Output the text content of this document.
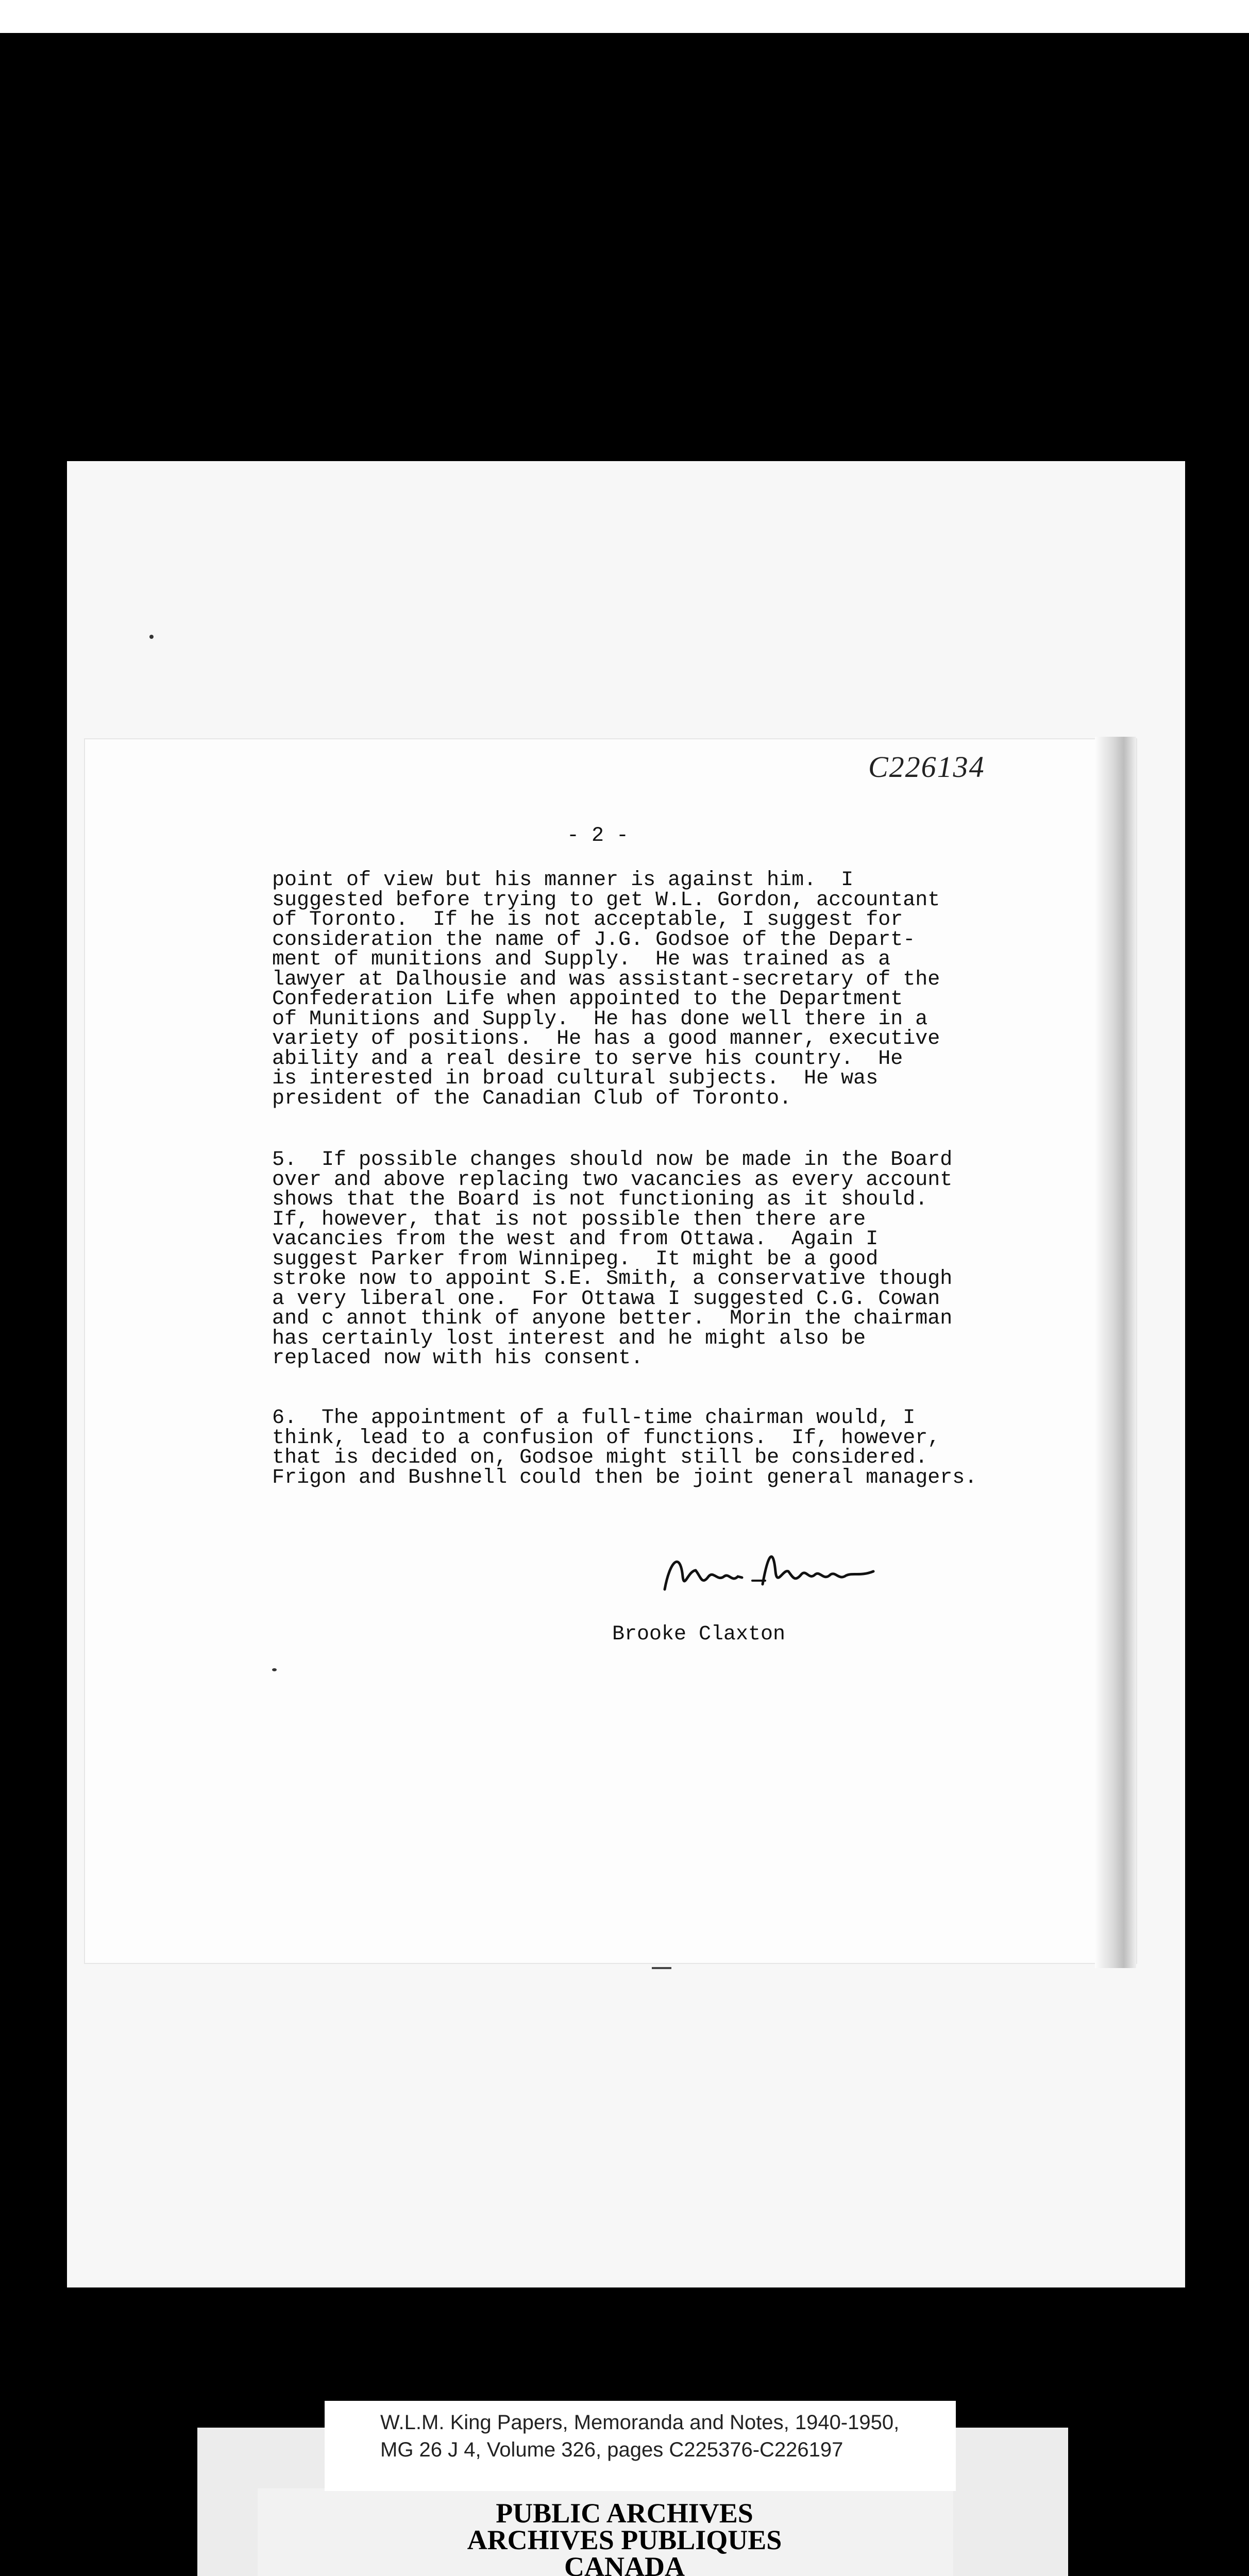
C226134
- 2 -
point of view but his manner is against him.  I
suggested before trying to get W.L. Gordon, accountant
of Toronto.  If he is not acceptable, I suggest for
consideration the name of J.G. Godsoe of the Depart-
ment of munitions and Supply.  He was trained as a
lawyer at Dalhousie and was assistant-secretary of the
Confederation Life when appointed to the Department
of Munitions and Supply.  He has done well there in a
variety of positions.  He has a good manner, executive
ability and a real desire to serve his country.  He
is interested in broad cultural subjects.  He was
president of the Canadian Club of Toronto.
5.  If possible changes should now be made in the Board
over and above replacing two vacancies as every account
shows that the Board is not functioning as it should.
If, however, that is not possible then there are
vacancies from the west and from Ottawa.  Again I
suggest Parker from Winnipeg.  It might be a good
stroke now to appoint S.E. Smith, a conservative though
a very liberal one.  For Ottawa I suggested C.G. Cowan
and c annot think of anyone better.  Morin the chairman
has certainly lost interest and he might also be
replaced now with his consent.
6.  The appointment of a full-time chairman would, I
think, lead to a confusion of functions.  If, however,
that is decided on, Godsoe might still be considered.
Frigon and Bushnell could then be joint general managers.
Brooke Claxton
W.L.M. King Papers, Memoranda and Notes, 1940-1950,
MG 26 J 4, Volume 326, pages C225376-C226197
PUBLIC ARCHIVES
ARCHIVES PUBLIQUES
CANADA
